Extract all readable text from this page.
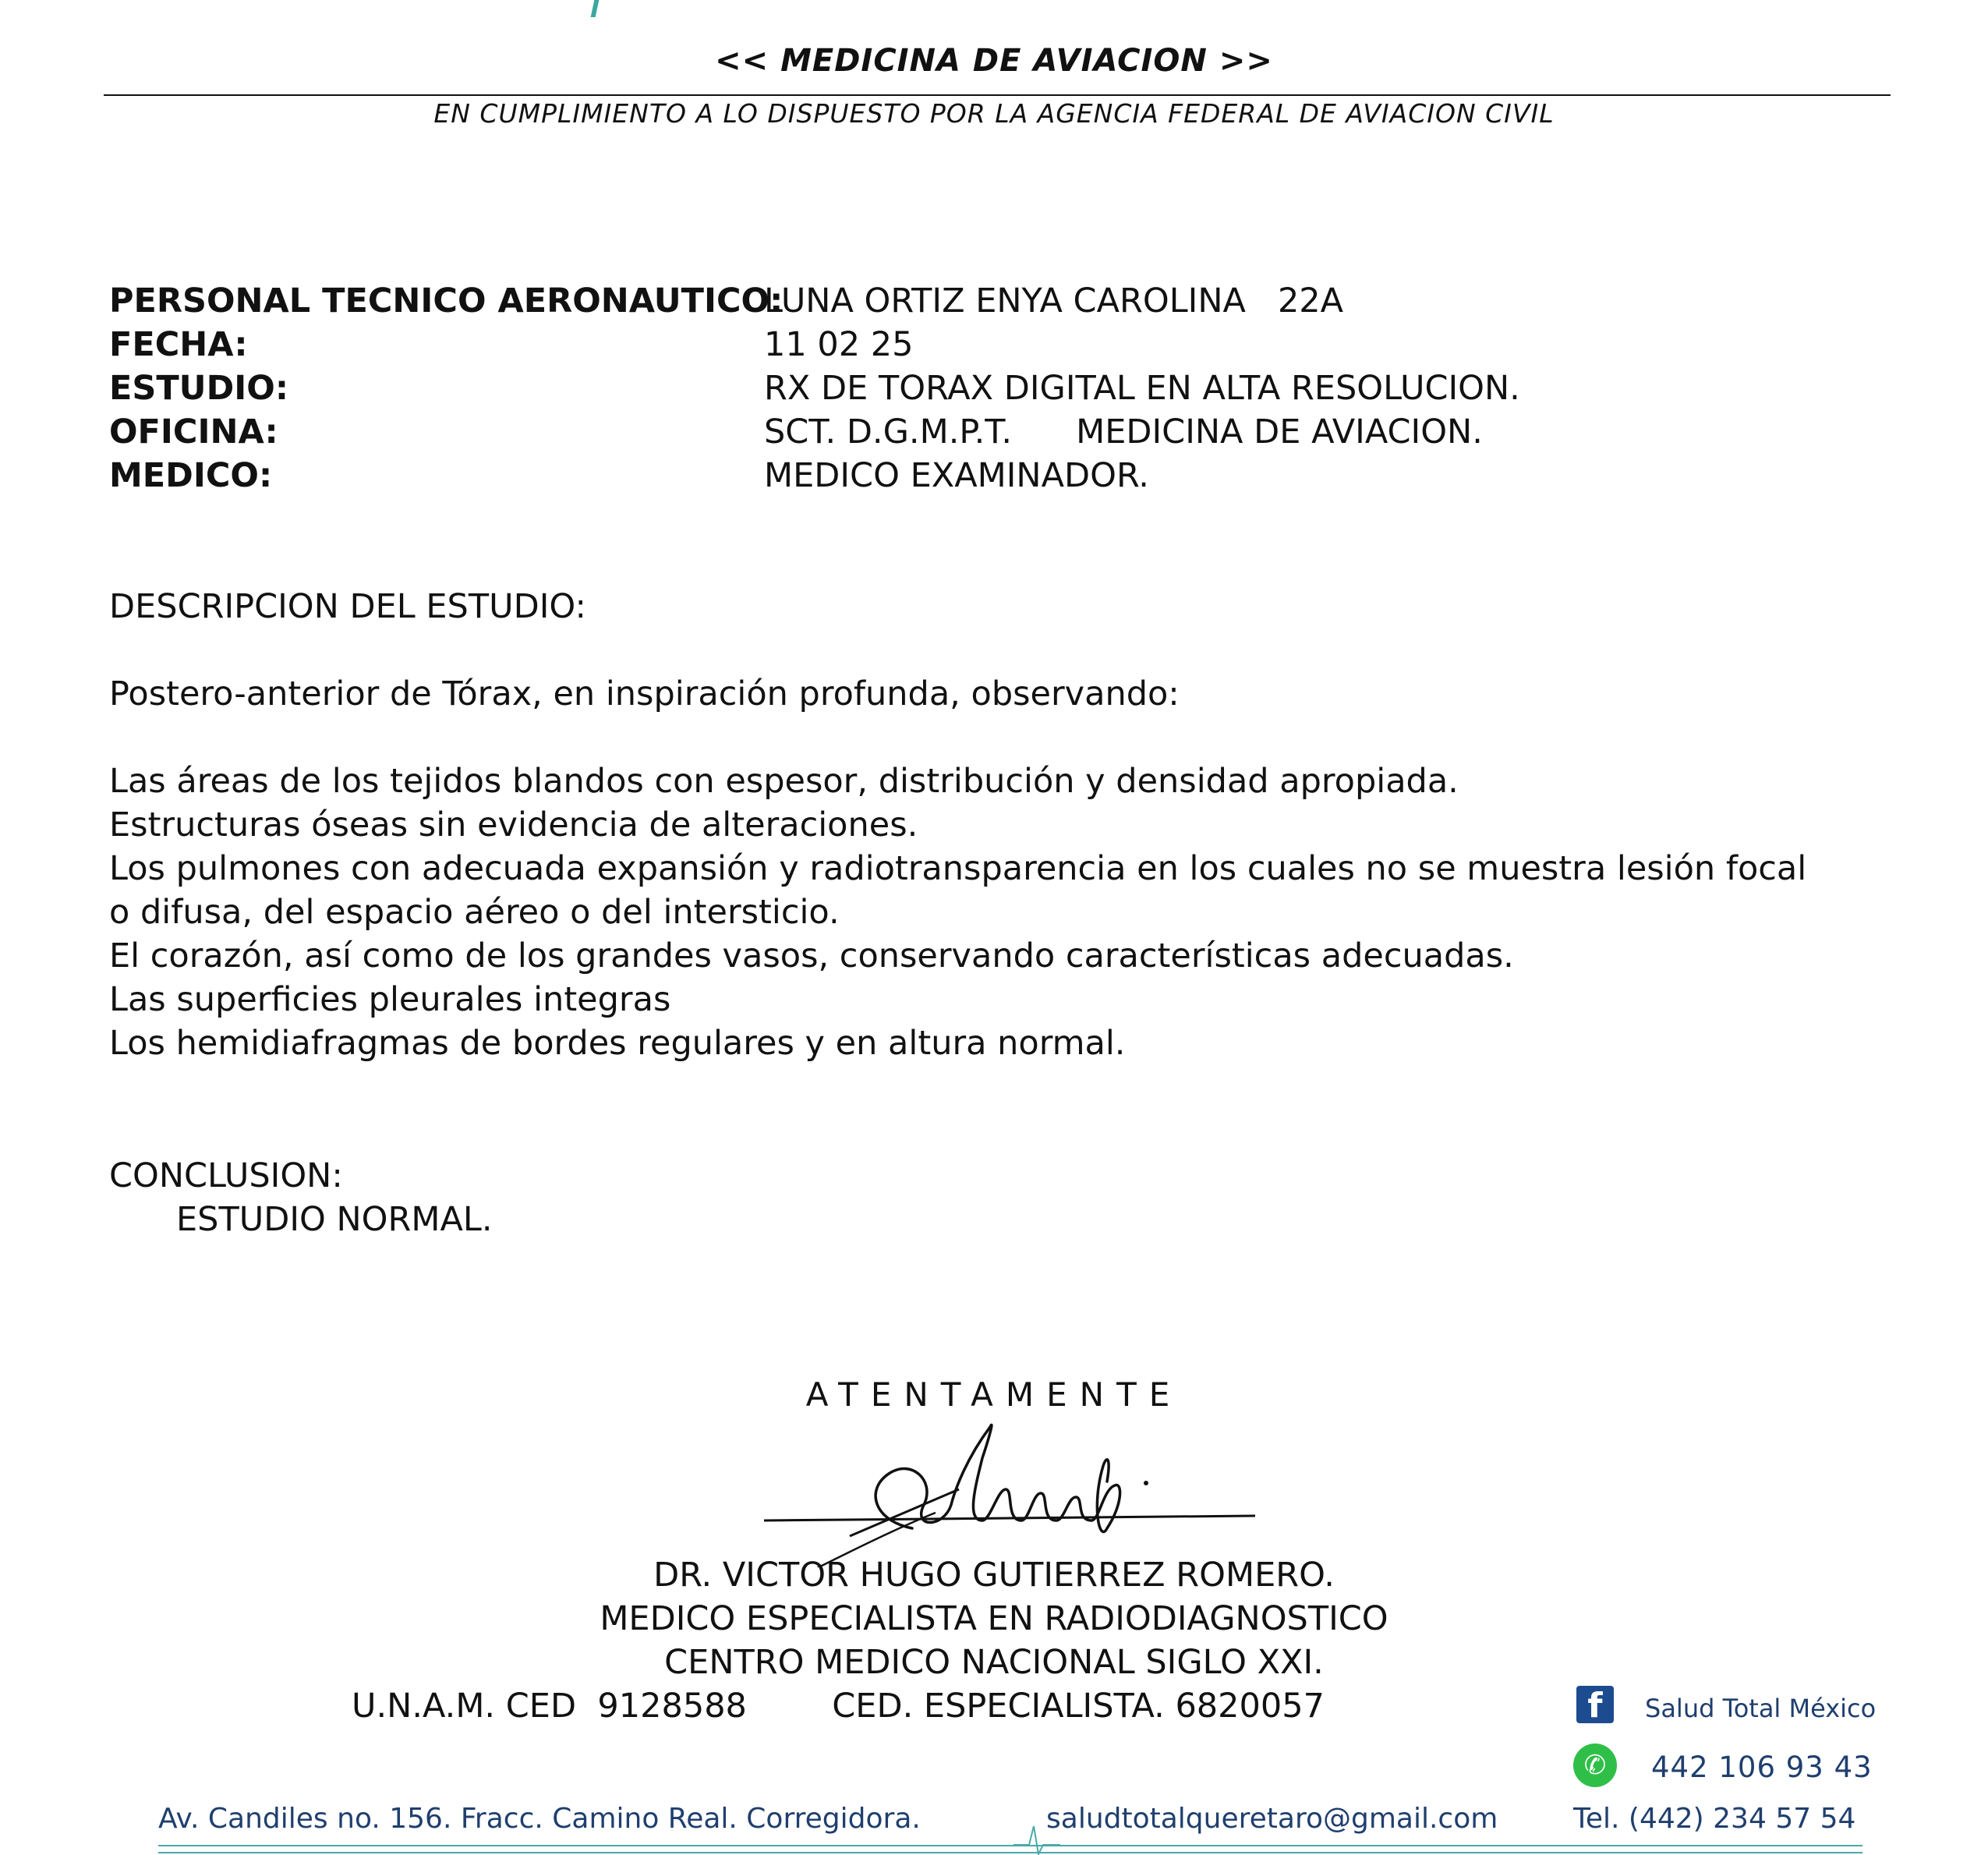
<< MEDICINA DE AVIACION >>
EN CUMPLIMIENTO A LO DISPUESTO POR LA AGENCIA FEDERAL DE AVIACION CIVIL
PERSONAL TECNICO AERONAUTICO:
LUNA ORTIZ ENYA CAROLINA   22A
FECHA:	11 02 25
ESTUDIO:	RX DE TORAX DIGITAL EN ALTA RESOLUCION.
OFICINA:	SCT. D.G.M.P.T.      MEDICINA DE AVIACION.
MEDICO:	MEDICO EXAMINADOR.
DESCRIPCION DEL ESTUDIO:
Postero-anterior de Tórax, en inspiración profunda, observando:
Las áreas de los tejidos blandos con espesor, distribución y densidad apropiada.
Estructuras óseas sin evidencia de alteraciones.
Los pulmones con adecuada expansión y radiotransparencia en los cuales no se muestra lesión focal
o difusa, del espacio aéreo o del intersticio.
El corazón, así como de los grandes vasos, conservando características adecuadas.
Las superficies pleurales integras
Los hemidiafragmas de bordes regulares y en altura normal.
CONCLUSION:
ESTUDIO NORMAL.
ATENTAMENTE
DR. VICTOR HUGO GUTIERREZ ROMERO.
MEDICO ESPECIALISTA EN RADIODIAGNOSTICO
CENTRO MEDICO NACIONAL SIGLO XXI.
U.N.A.M. CED  9128588        CED. ESPECIALISTA. 6820057	f	Salud Total México
✆	442 106 93 43
Av. Candiles no. 156. Fracc. Camino Real. Corregidora.	saludtotalqueretaro@gmail.com	Tel. (442) 234 57 54
